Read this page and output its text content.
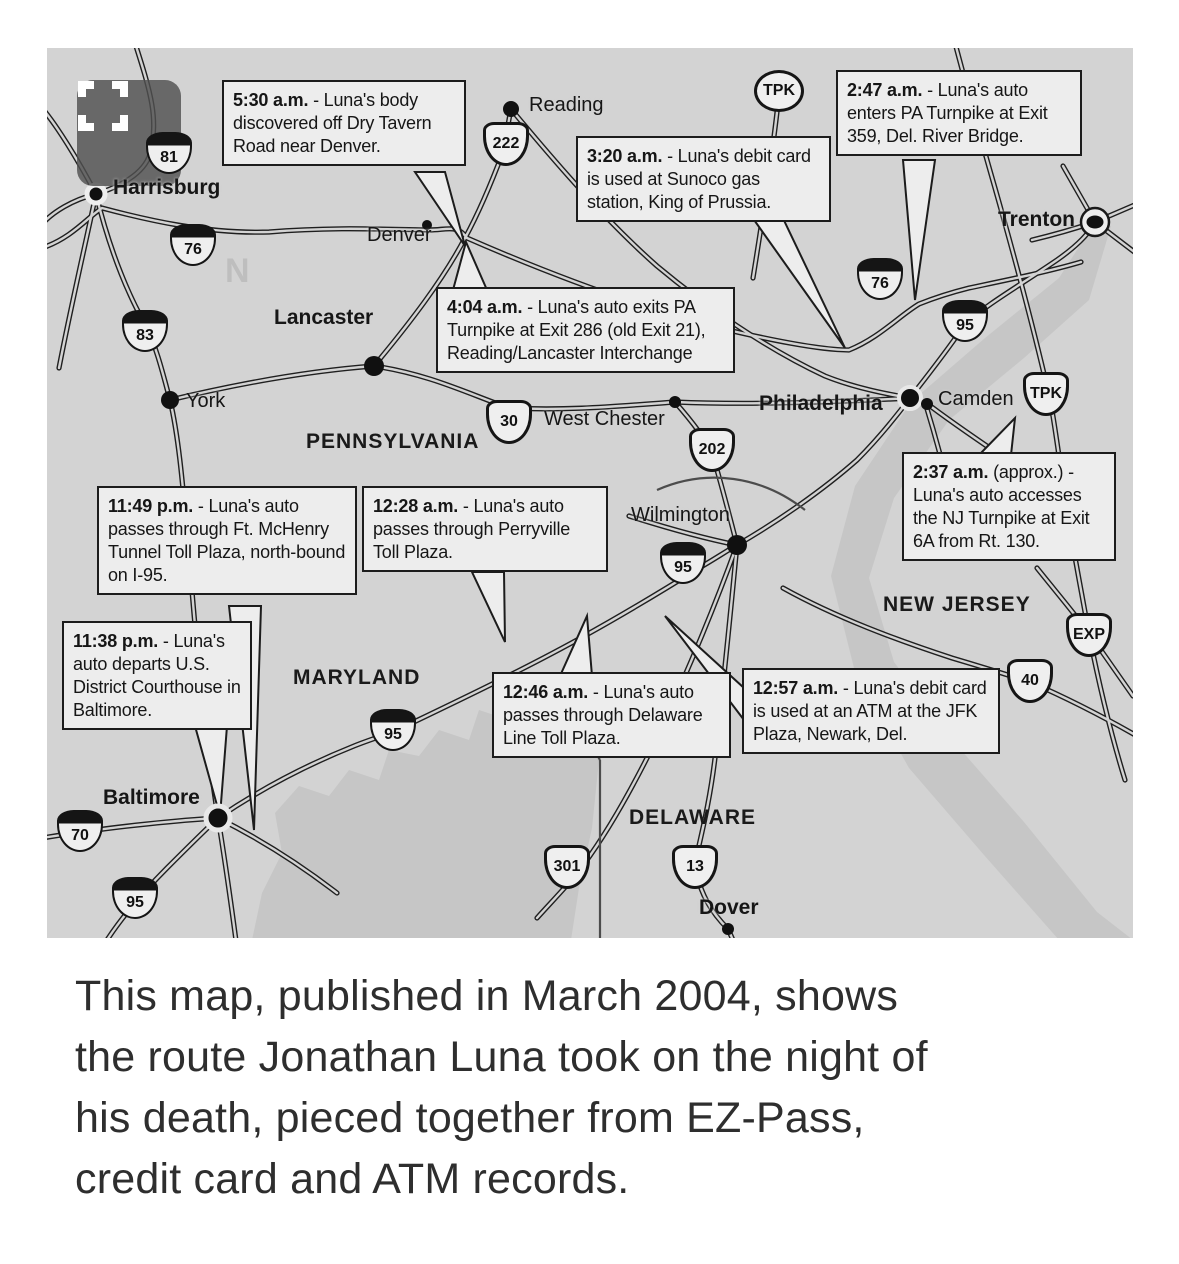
N
81
76
222
TPK
83
76
95
30
202
TPK
95
EXP
40
95
70
95
301	13
Harrisburg
Reading
Trenton
Denver
Lancaster
York
West Chester
Philadelphia	Camden
Wilmington
Baltimore
Dover
PENNSYLVANIA
NEW JERSEY
MARYLAND
DELAWARE
5:30 a.m. - Luna's body discovered off Dry Tavern Road near Denver.	3:20 a.m. - Luna's debit card is used at Sunoco gas station, King of Prussia.
2:47 a.m. - Luna's auto enters PA Turnpike at Exit 359, Del. River Bridge.
4:04 a.m. - Luna's auto exits PA Turnpike at Exit 286 (old Exit 21), Reading/Lancaster Interchange
2:37 a.m. (approx.) - Luna's auto accesses the NJ Turnpike at Exit 6A from Rt. 130.
11:49 p.m. - Luna's auto passes through Ft. McHenry Tunnel Toll Plaza, north-bound on I-95.
12:28 a.m. - Luna's auto passes through Perryville Toll Plaza.
11:38 p.m. - Luna's auto departs U.S. District Courthouse in Baltimore.
12:46 a.m. - Luna's auto passes through Delaware Line Toll Plaza.
12:57 a.m. - Luna's debit card is used at an ATM at the JFK Plaza, Newark, Del.
This map, published in March 2004, shows
the route Jonathan Luna took on the night of
his death, pieced together from EZ-Pass,
credit card and ATM records.
